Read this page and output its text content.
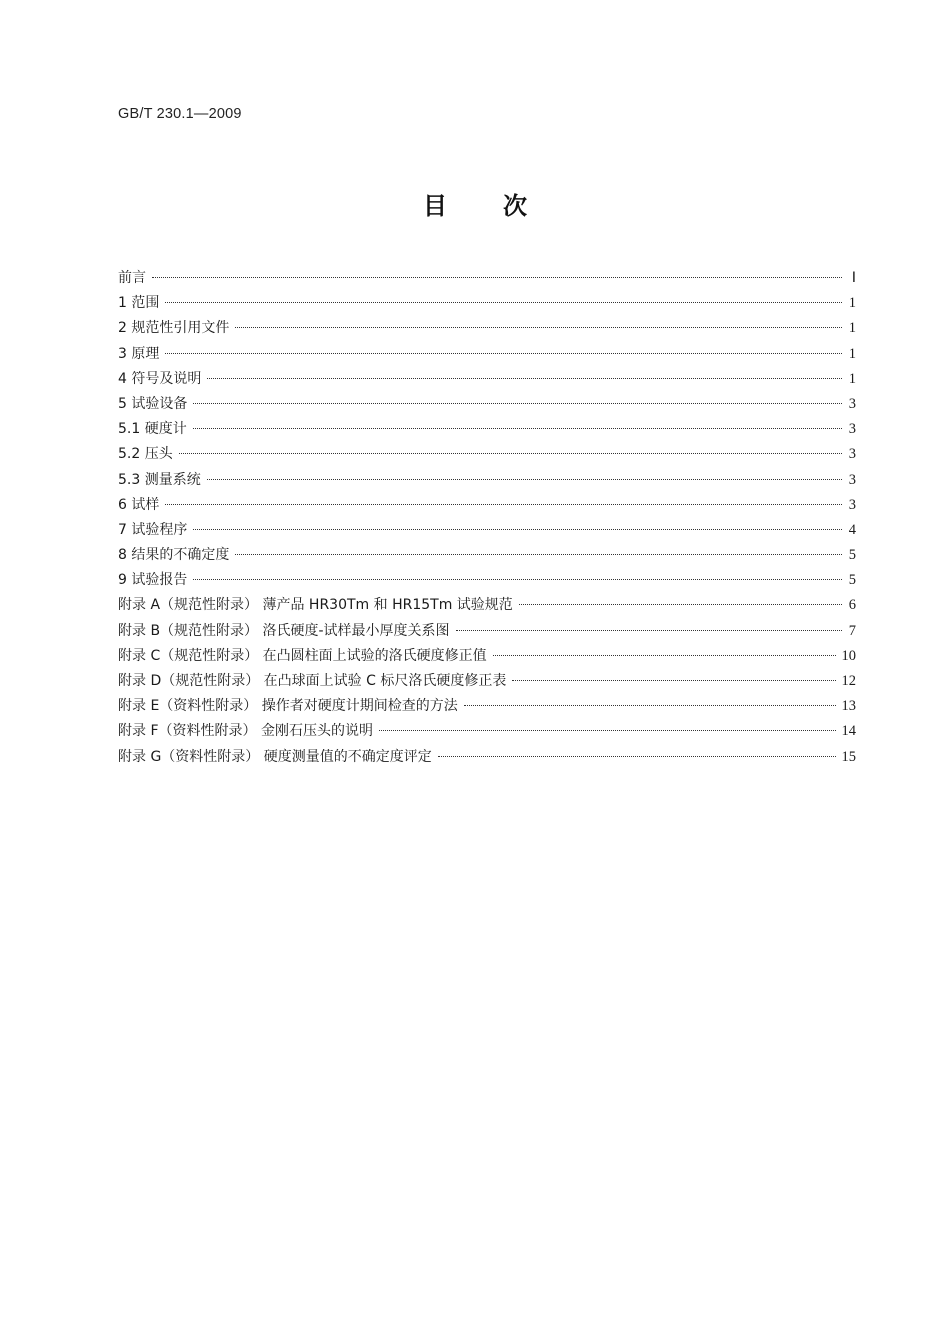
GB/T 230.1—2009
目次
前言	Ⅰ
1 范围	1
2 规范性引用文件	1
3 原理	1
4 符号及说明	1
5 试验设备	3
5.1 硬度计	3
5.2 压头	3
5.3 测量系统	3
6 试样	3
7 试验程序	4
8 结果的不确定度	5
9 试验报告	5
附录 A（规范性附录） 薄产品 HR30Tm 和 HR15Tm 试验规范	6
附录 B（规范性附录） 洛氏硬度-试样最小厚度关系图	7
附录 C（规范性附录） 在凸圆柱面上试验的洛氏硬度修正值	10
附录 D（规范性附录） 在凸球面上试验 C 标尺洛氏硬度修正表	12
附录 E（资料性附录） 操作者对硬度计期间检查的方法	13
附录 F（资料性附录） 金刚石压头的说明	14
附录 G（资料性附录） 硬度测量值的不确定度评定	15
